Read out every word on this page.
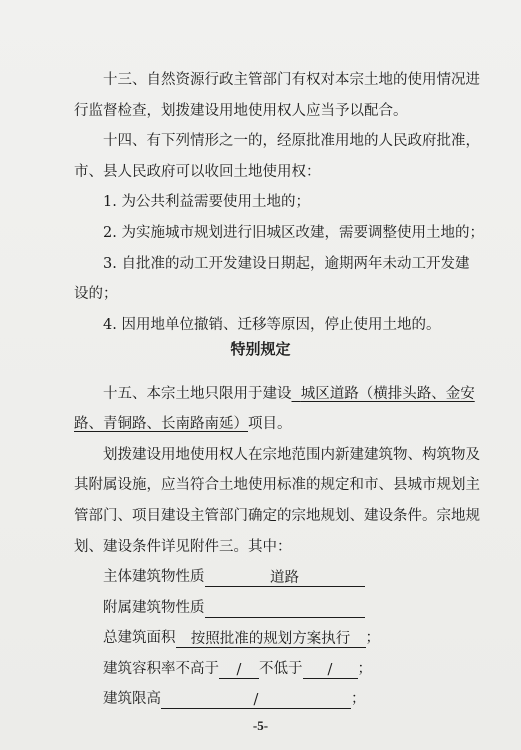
十三、自然资源行政主管部门有权对本宗土地的使用情况进
行监督检查，划拨建设用地使用权人应当予以配合。
十四、有下列情形之一的，经原批准用地的人民政府批准，
市、县人民政府可以收回土地使用权：
1. 为公共利益需要使用土地的；
2. 为实施城市规划进行旧城区改建，需要调整使用土地的；
3. 自批准的动工开发建设日期起，逾期两年未动工开发建
设的；
4. 因用地单位撤销、迁移等原因，停止使用土地的。
特别规定
十五、本宗土地只限用于建设 城区道路（横排头路、金安
路、青铜路、长南路南延）项目。
划拨建设用地使用权人在宗地范围内新建建筑物、构筑物及
其附属设施，应当符合土地使用标准的规定和市、县城市规划主
管部门、项目建设主管部门确定的宗地规划、建设条件。宗地规
划、建设条件详见附件三。其中：
主体建筑物性质	道路
附属建筑物性质
总建筑面积 按照批准的规划方案执行 ；
建筑容积率不高于 / 不低于 / ；
建筑限高	/	；
-5-
